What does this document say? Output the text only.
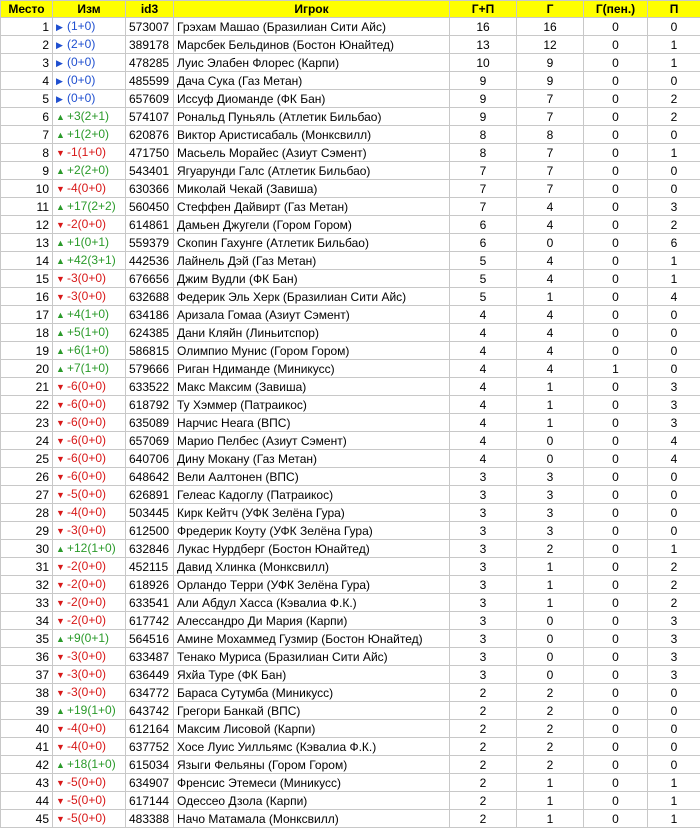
Место	Изм	id3	Игрок	Г+П	Г	Г(пен.)	П
1	▶ (1+0)	573007	Грэхам Машао (Бразилиан Сити Айс)	16	16	0	0
2	▶ (2+0)	389178	Марсбек Бельдинов (Бостон Юнайтед)	13	12	0	1
3	▶ (0+0)	478285	Луис Элабен Флорес (Карпи)	10	9	0	1
4	▶ (0+0)	485599	Дача Сука (Газ Метан)	9	9	0	0
5	▶ (0+0)	657609	Иссуф Диоманде (ФК Бан)	9	7	0	2
6	▲ +3(2+1)	574107	Рональд Пуньяль (Атлетик Бильбао)	9	7	0	2
7	▲ +1(2+0)	620876	Виктор Аристисабаль (Монксвилл)	8	8	0	0
8	▼ -1(1+0)	471750	Масьель Морайес (Азиут Сэмент)	8	7	0	1
9	▲ +2(2+0)	543401	Ягуарунди Галс (Атлетик Бильбао)	7	7	0	0
10	▼ -4(0+0)	630366	Миколай Чекай (Завиша)	7	7	0	0
11	▲ +17(2+2)	560450	Стеффен Дайвирт (Газ Метан)	7	4	0	3
12	▼ -2(0+0)	614861	Дамьен Джугели (Гором Гором)	6	4	0	2
13	▲ +1(0+1)	559379	Скопин Гахунге (Атлетик Бильбао)	6	0	0	6
14	▲ +42(3+1)	442536	Лайнель Дэй (Газ Метан)	5	4	0	1
15	▼ -3(0+0)	676656	Джим Вудли (ФК Бан)	5	4	0	1
16	▼ -3(0+0)	632688	Федерик Эль Херк (Бразилиан Сити Айс)	5	1	0	4
17	▲ +4(1+0)	634186	Аризала Гомаа (Азиут Сэмент)	4	4	0	0
18	▲ +5(1+0)	624385	Дани Кляйн (Линьитспор)	4	4	0	0
19	▲ +6(1+0)	586815	Олимпио Мунис (Гором Гором)	4	4	0	0
20	▲ +7(1+0)	579666	Риган Ндиманде (Миникусс)	4	4	1	0
21	▼ -6(0+0)	633522	Макс Максим (Завиша)	4	1	0	3
22	▼ -6(0+0)	618792	Ту Хэммер (Патраикос)	4	1	0	3
23	▼ -6(0+0)	635089	Нарчис Неага (ВПС)	4	1	0	3
24	▼ -6(0+0)	657069	Марио Пелбес (Азиут Сэмент)	4	0	0	4
25	▼ -6(0+0)	640706	Дину Мокану (Газ Метан)	4	0	0	4
26	▼ -6(0+0)	648642	Вели Аалтонен (ВПС)	3	3	0	0
27	▼ -5(0+0)	626891	Гелеас Кадоглу (Патраикос)	3	3	0	0
28	▼ -4(0+0)	503445	Кирк Кейтч (УФК Зелёна Гура)	3	3	0	0
29	▼ -3(0+0)	612500	Фредерик Коуту (УФК Зелёна Гура)	3	3	0	0
30	▲ +12(1+0)	632846	Лукас Нурдберг (Бостон Юнайтед)	3	2	0	1
31	▼ -2(0+0)	452115	Давид Хлинка (Монксвилл)	3	1	0	2
32	▼ -2(0+0)	618926	Орландо Терри (УФК Зелёна Гура)	3	1	0	2
33	▼ -2(0+0)	633541	Али Абдул Хасса (Кэвалиа Ф.К.)	3	1	0	2
34	▼ -2(0+0)	617742	Алессандро Ди Мария (Карпи)	3	0	0	3
35	▲ +9(0+1)	564516	Амине Мохаммед Гузмир (Бостон Юнайтед)	3	0	0	3
36	▼ -3(0+0)	633487	Тенако Муриса (Бразилиан Сити Айс)	3	0	0	3
37	▼ -3(0+0)	636449	Яхйа Туре (ФК Бан)	3	0	0	3
38	▼ -3(0+0)	634772	Бараса Сутумба (Миникусс)	2	2	0	0
39	▲ +19(1+0)	643742	Грегори Банкай (ВПС)	2	2	0	0
40	▼ -4(0+0)	612164	Максим Лисовой (Карпи)	2	2	0	0
41	▼ -4(0+0)	637752	Хосе Луис Уилльямс (Кэвалиа Ф.К.)	2	2	0	0
42	▲ +18(1+0)	615034	Языги Фельяны (Гором Гором)	2	2	0	0
43	▼ -5(0+0)	634907	Френсис Этемеси (Миникусс)	2	1	0	1
44	▼ -5(0+0)	617144	Одессео Дзола (Карпи)	2	1	0	1
45	▼ -5(0+0)	483388	Начо Матамала (Монксвилл)	2	1	0	1
